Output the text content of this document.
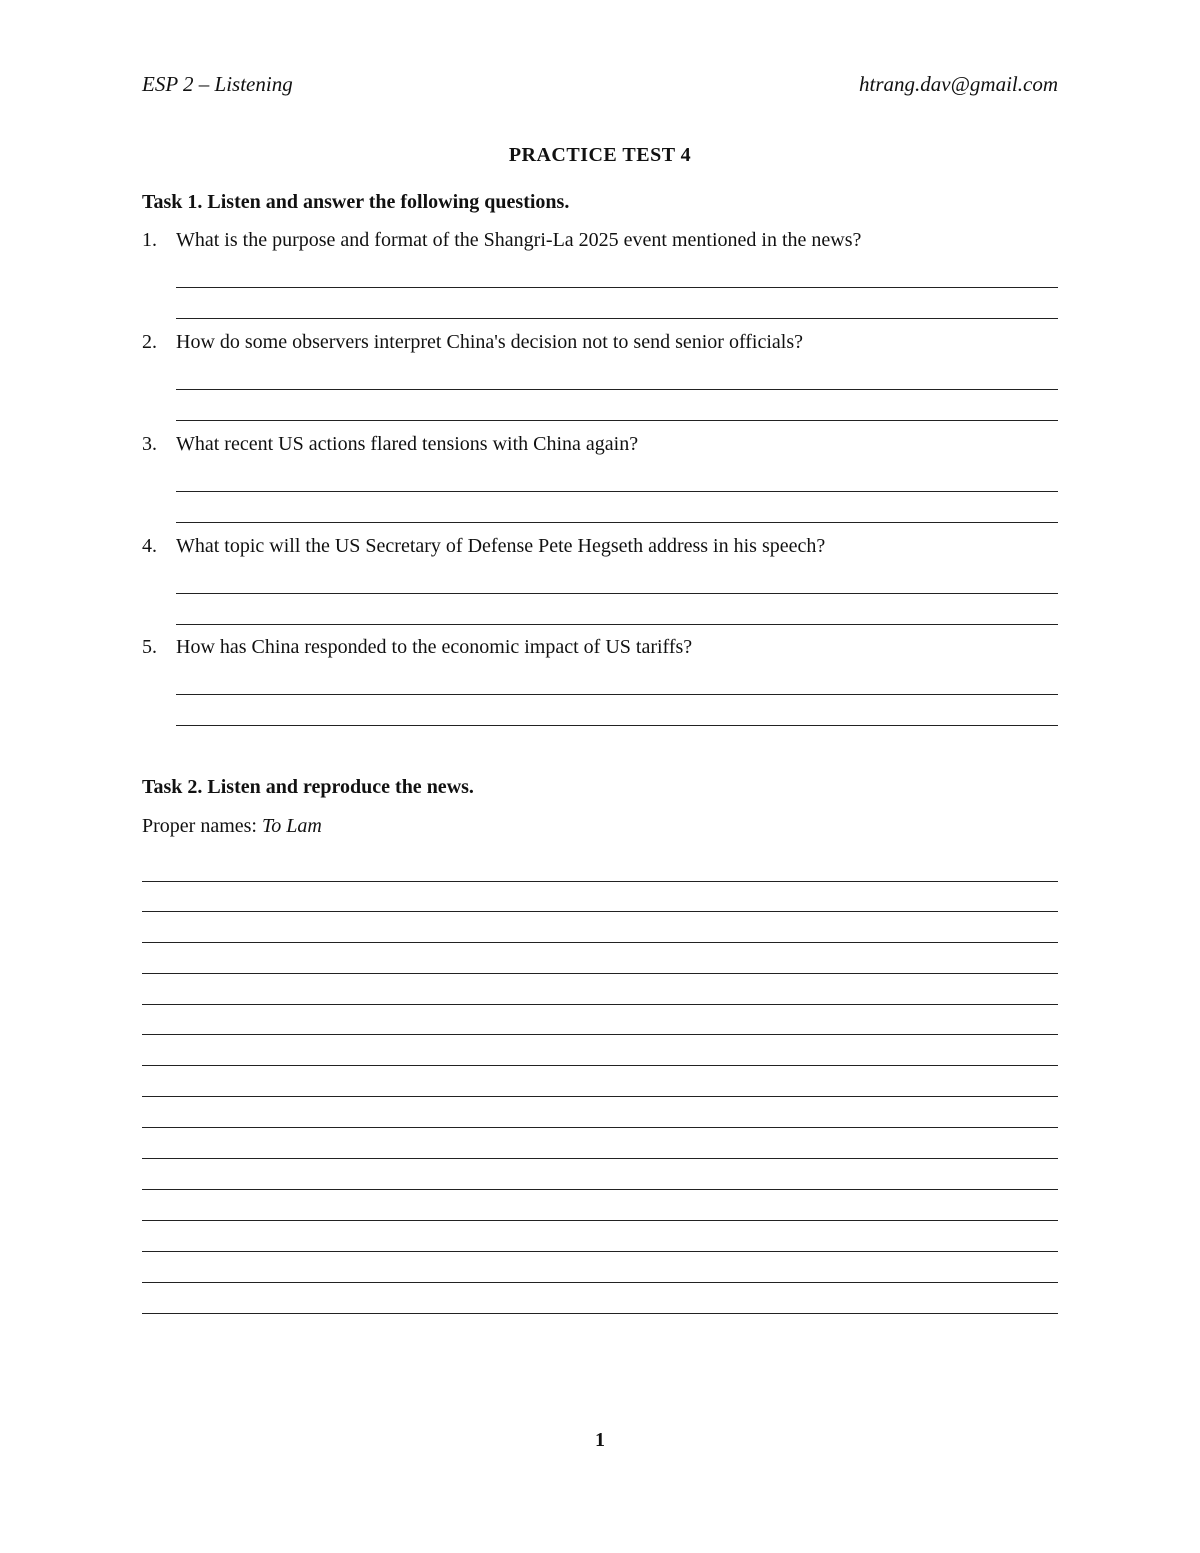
ESP 2 – Listening	htrang.dav@gmail.com
PRACTICE TEST 4
Task 1. Listen and answer the following questions.
1. What is the purpose and format of the Shangri-La 2025 event mentioned in the news?
2. How do some observers interpret China's decision not to send senior officials?
3. What recent US actions flared tensions with China again?
4. What topic will the US Secretary of Defense Pete Hegseth address in his speech?
5. How has China responded to the economic impact of US tariffs?
Task 2. Listen and reproduce the news.
Proper names: To Lam
1
